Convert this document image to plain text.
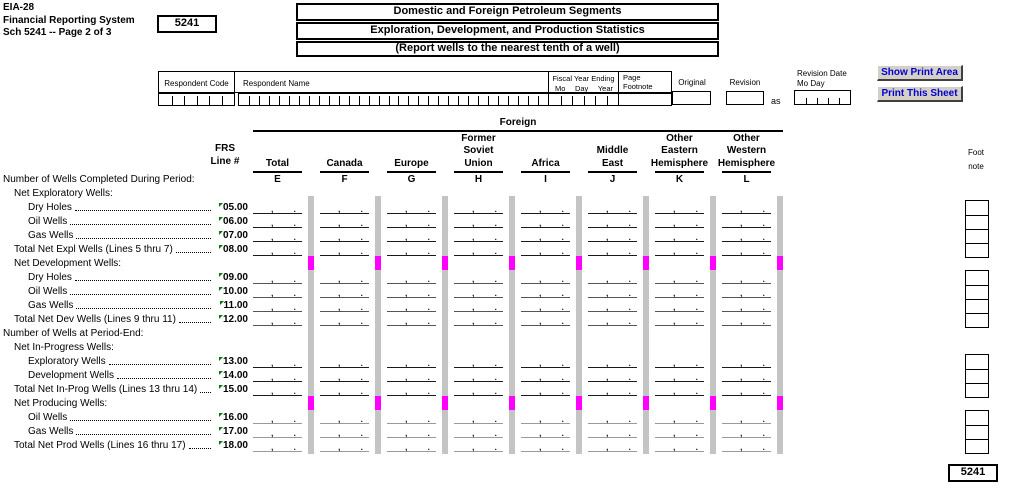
EIA-28
Financial Reporting System
Sch 5241 -- Page 2 of 3
5241
Domestic and Foreign Petroleum Segments
Exploration, Development, and Production Statistics
(Report wells to the nearest tenth of a well)
Respondent Code	Respondent Name
Fiscal Year Ending
Mo Day Year
Page
Footnote	Original	Revision
as
Revision Date
Mo Day
Show Print Area
Print This Sheet
FRS
Line #
Foreign
Foot
note
5241
Total
E
Canada
F
Europe
G
Former
Soviet
Union
H
Africa
I
Middle
East
J
Other
Eastern
Hemisphere
K
Other
Western
Hemisphere
L
Number of Wells Completed During Period:
Net Exploratory Wells:
Dry Holes	05.00	,	.	,	.	,	.	,	.	,	.	,	.	,	.	,	.
Oil Wells	06.00	,	.	,	.	,	.	,	.	,	.	,	.	,	.	,	.
Gas Wells	07.00	,	.	,	.	,	.	,	.	,	.	,	.	,	.	,	.
Total Net Expl Wells (Lines 5 thru 7)	08.00	,	.	,	.	,	.	,	.	,	.	,	.	,	.	,	.
Net Development Wells:
Dry Holes	09.00	,	.	,	.	,	.	,	.	,	.	,	.	,	.	,	.
Oil Wells	10.00	,	.	,	.	,	.	,	.	,	.	,	.	,	.	,	.
Gas Wells	11.00	,	.	,	.	,	.	,	.	,	.	,	.	,	.	,	.
Total Net Dev Wells (Lines 9 thru 11)	12.00	,	.	,	.	,	.	,	.	,	.	,	.	,	.	,	.
Number of Wells at Period-End:
Net In-Progress Wells:
Exploratory Wells	13.00	,	.	,	.	,	.	,	.	,	.	,	.	,	.	,	.
Development Wells	14.00	,	.	,	.	,	.	,	.	,	.	,	.	,	.	,	.
Total Net In-Prog Wells (Lines 13 thru 14)	15.00	,	.	,	.	,	.	,	.	,	.	,	.	,	.	,	.
Net Producing Wells:
Oil Wells	16.00	,	.	,	.	,	.	,	.	,	.	,	.	,	.	,	.
Gas Wells	17.00	,	.	,	.	,	.	,	.	,	.	,	.	,	.	,	.
Total Net Prod Wells (Lines 16 thru 17)	18.00	,	.	,	.	,	.	,	.	,	.	,	.	,	.	,	.
